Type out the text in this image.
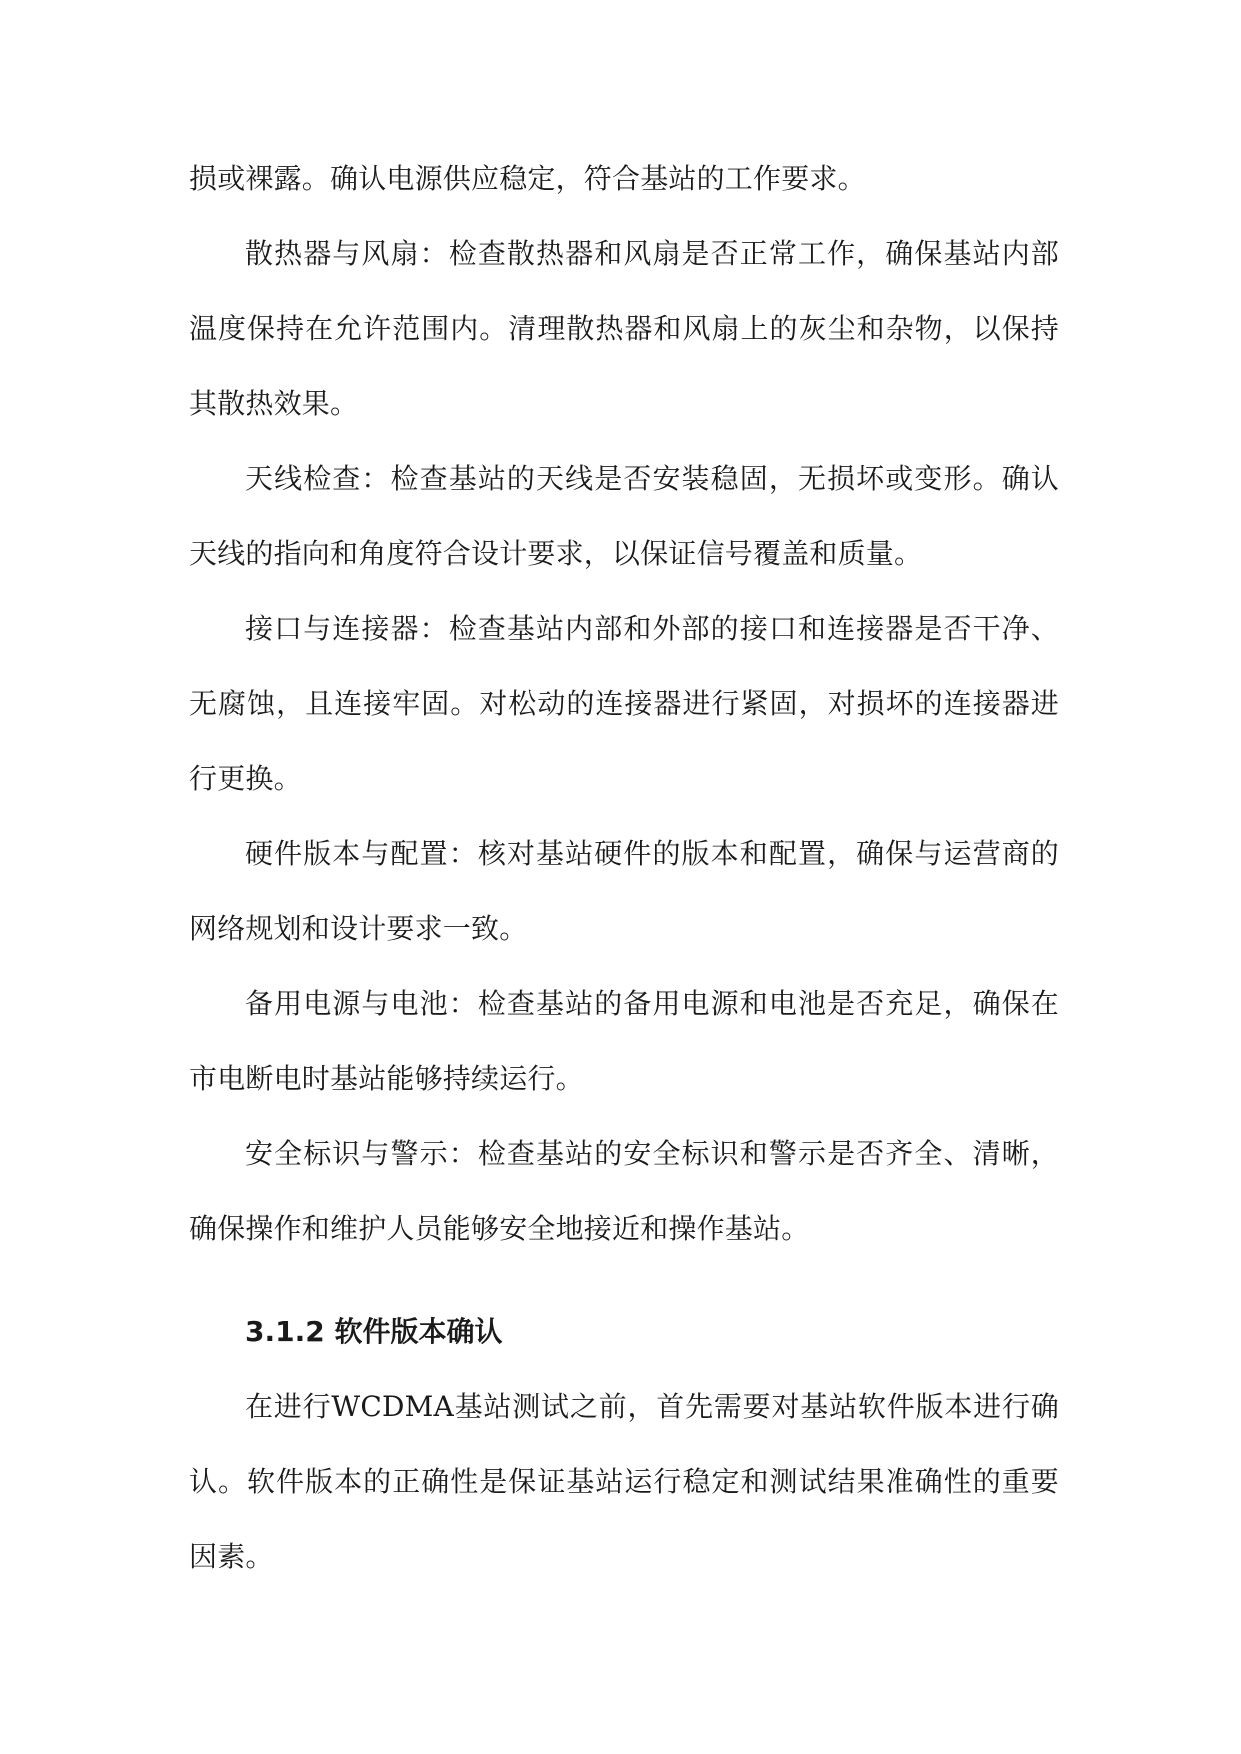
损或裸露。确认电源供应稳定，符合基站的工作要求。

散热器与风扇：检查散热器和风扇是否正常工作，确保基站内部温度保持在允许范围内。清理散热器和风扇上的灰尘和杂物，以保持其散热效果。

天线检查：检查基站的天线是否安装稳固，无损坏或变形。确认天线的指向和角度符合设计要求，以保证信号覆盖和质量。

接口与连接器：检查基站内部和外部的接口和连接器是否干净、无腐蚀，且连接牢固。对松动的连接器进行紧固，对损坏的连接器进行更换。

硬件版本与配置：核对基站硬件的版本和配置，确保与运营商的网络规划和设计要求一致。

备用电源与电池：检查基站的备用电源和电池是否充足，确保在市电断电时基站能够持续运行。

安全标识与警示：检查基站的安全标识和警示是否齐全、清晰，确保操作和维护人员能够安全地接近和操作基站。

3.1.2 软件版本确认

在进行WCDMA基站测试之前，首先需要对基站软件版本进行确认。软件版本的正确性是保证基站运行稳定和测试结果准确性的重要因素。
